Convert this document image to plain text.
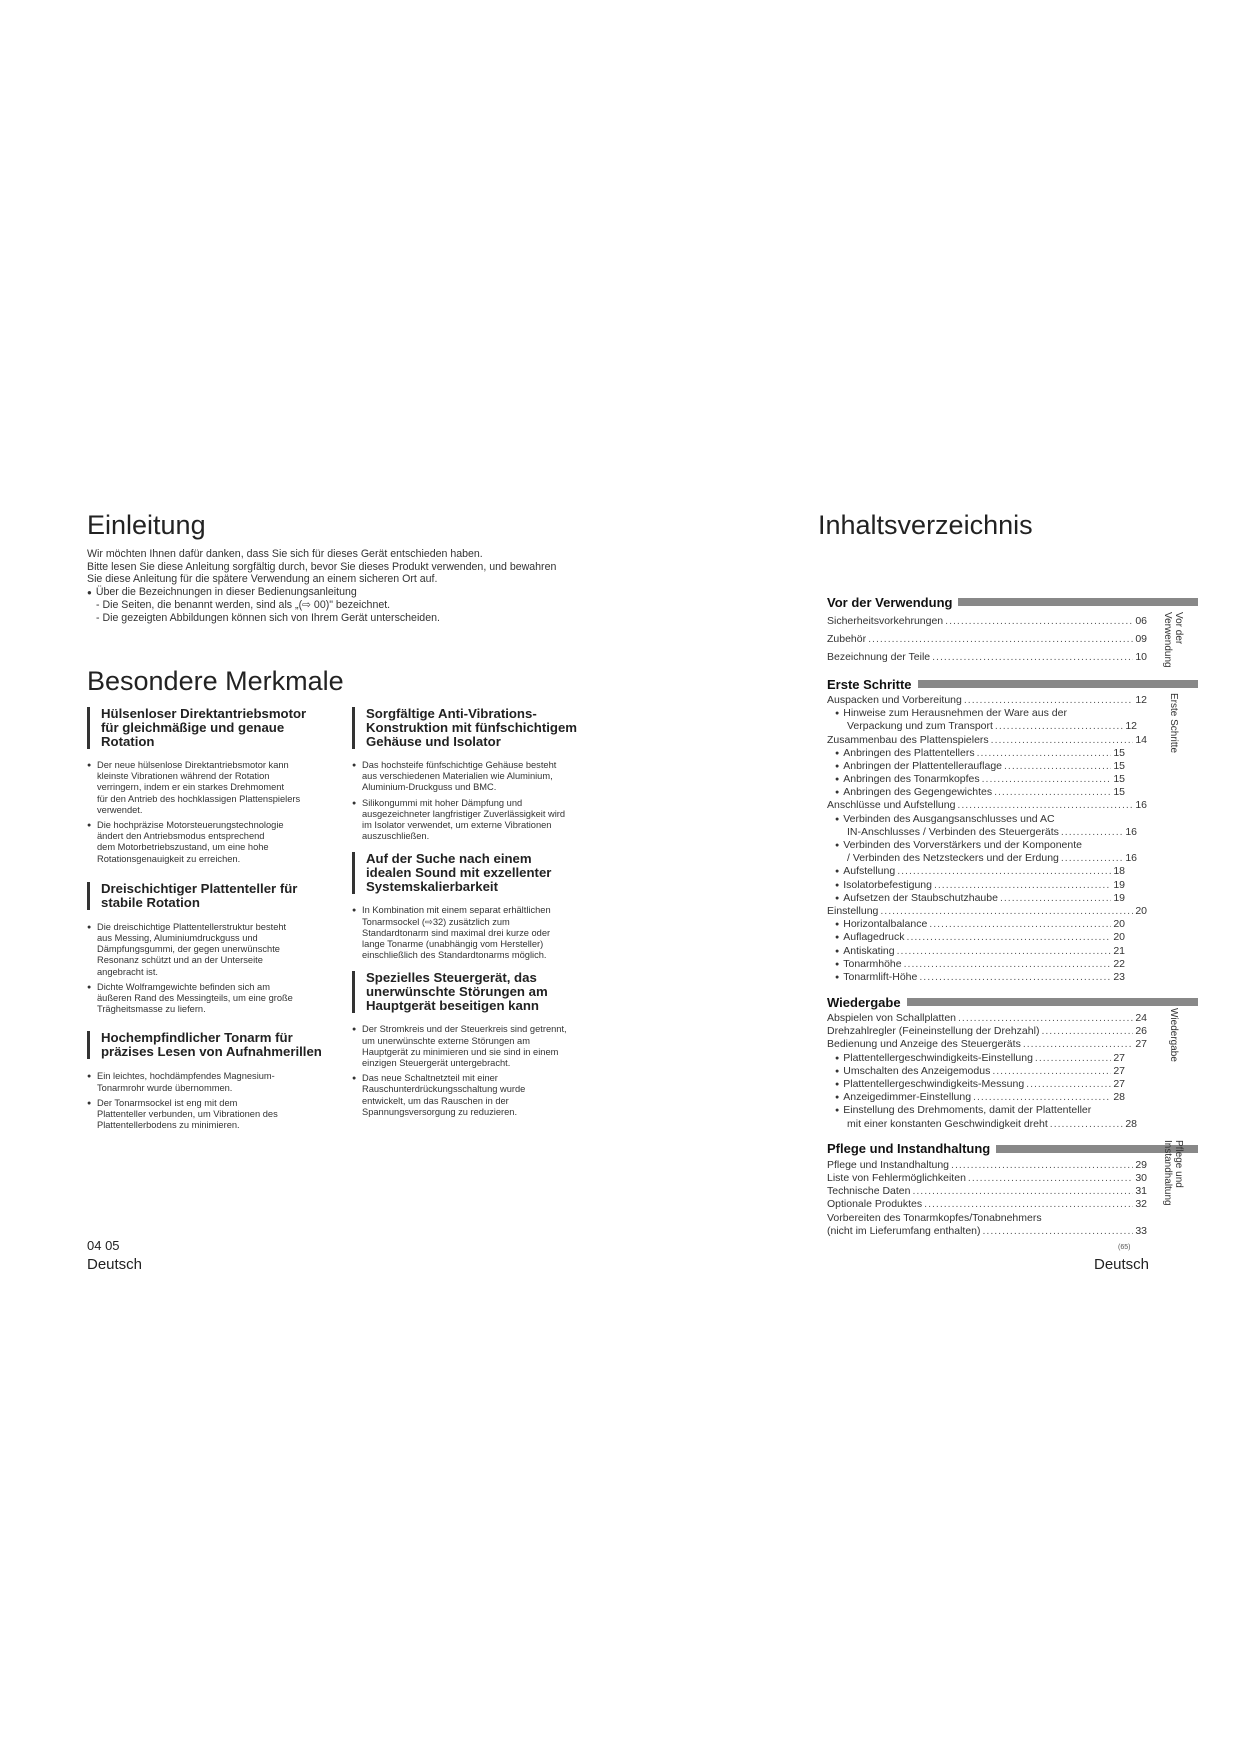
Einleitung
Wir möchten Ihnen dafür danken, dass Sie sich für dieses Gerät entschieden haben.
Bitte lesen Sie diese Anleitung sorgfältig durch, bevor Sie dieses Produkt verwenden, und bewahren
Sie diese Anleitung für die spätere Verwendung an einem sicheren Ort auf.
● Über die Bezeichnungen in dieser Bedienungsanleitung
- Die Seiten, die benannt werden, sind als „(⇨ 00)" bezeichnet.
- Die gezeigten Abbildungen können sich von Ihrem Gerät unterscheiden.
Besondere Merkmale
Hülsenloser Direktantriebsmotor
für gleichmäßige und genaue
Rotation
● Der neue hülsenlose Direktantriebsmotor kann
kleinste Vibrationen während der Rotation
verringern, indem er ein starkes Drehmoment
für den Antrieb des hochklassigen Plattenspielers
verwendet.
● Die hochpräzise Motorsteuerungstechnologie
ändert den Antriebsmodus entsprechend
dem Motorbetriebszustand, um eine hohe
Rotationsgenauigkeit zu erreichen.
Dreischichtiger Plattenteller für
stabile Rotation
● Die dreischichtige Plattentellerstruktur besteht
aus Messing, Aluminiumdruckguss und
Dämpfungsgummi, der gegen unerwünschte
Resonanz schützt und an der Unterseite
angebracht ist.
● Dichte Wolframgewichte befinden sich am
äußeren Rand des Messingteils, um eine große
Trägheitsmasse zu liefern.
Hochempfindlicher Tonarm für
präzises Lesen von Aufnahmerillen
● Ein leichtes, hochdämpfendes Magnesium-
Tonarmrohr wurde übernommen.
● Der Tonarmsockel ist eng mit dem
Plattenteller verbunden, um Vibrationen des
Plattentellerbodens zu minimieren.
Sorgfältige Anti-Vibrations-
Konstruktion mit fünfschichtigem
Gehäuse und Isolator
● Das hochsteife fünfschichtige Gehäuse besteht
aus verschiedenen Materialien wie Aluminium,
Aluminium-Druckguss und BMC.
● Silikongummi mit hoher Dämpfung und
ausgezeichneter langfristiger Zuverlässigkeit wird
im Isolator verwendet, um externe Vibrationen
auszuschließen.
Auf der Suche nach einem
idealen Sound mit exzellenter
Systemskalierbarkeit
● In Kombination mit einem separat erhältlichen
Tonarmsockel (⇨32) zusätzlich zum
Standardtonarm sind maximal drei kurze oder
lange Tonarme (unabhängig vom Hersteller)
einschließlich des Standardtonarms möglich.
Spezielles Steuergerät, das
unerwünschte Störungen am
Hauptgerät beseitigen kann
● Der Stromkreis und der Steuerkreis sind getrennt,
um unerwünschte externe Störungen am
Hauptgerät zu minimieren und sie sind in einem
einzigen Steuergerät untergebracht.
● Das neue Schaltnetzteil mit einer
Rauschunterdrückungsschaltung wurde
entwickelt, um das Rauschen in der
Spannungsversorgung zu reduzieren.
04 05
Deutsch
Inhaltsverzeichnis
Vor der Verwendung
Sicherheitsvorkehrungen .....	06
Zubehör .....	09
Bezeichnung der Teile .....	10
Erste Schritte
Auspacken und Vorbereitung .....	12
● Hinweise zum Herausnehmen der Ware aus der
Verpackung und zum Transport .....	12
Zusammenbau des Plattenspielers .....	14
● Anbringen des Plattentellers .....	15
● Anbringen der Plattentellerauflage .....	15
● Anbringen des Tonarmkopfes .....	15
● Anbringen des Gegengewichtes .....	15
Anschlüsse und Aufstellung .....	16
● Verbinden des Ausgangsanschlusses und AC
IN-Anschlusses / Verbinden des Steuergeräts .....	16
● Verbinden des Vorverstärkers und der Komponente
/ Verbinden des Netzsteckers und der Erdung .....	16
● Aufstellung .....	18
● Isolatorbefestigung .....	19
● Aufsetzen der Staubschutzhaube .....	19
Einstellung .....	20
● Horizontalbalance .....	20
● Auflagedruck .....	20
● Antiskating .....	21
● Tonarmhöhe .....	22
● Tonarmlift-Höhe .....	23
Wiedergabe
Abspielen von Schallplatten .....	24
Drehzahlregler (Feineinstellung der Drehzahl) .....	26
Bedienung und Anzeige des Steuergeräts .....	27
● Plattentellergeschwindigkeits-Einstellung .....	27
● Umschalten des Anzeigemodus .....	27
● Plattentellergeschwindigkeits-Messung .....	27
● Anzeigedimmer-Einstellung .....	28
● Einstellung des Drehmoments, damit der Plattenteller
mit einer konstanten Geschwindigkeit dreht .....	28
Pflege und Instandhaltung
Pflege und Instandhaltung .....	29
Liste von Fehlermöglichkeiten .....	30
Technische Daten .....	31
Optionale Produktes .....	32
Vorbereiten des Tonarmkopfes/Tonabnehmers
(nicht im Lieferumfang enthalten) .....	33
Vor der
Verwendung
Erste Schritte
Wiedergabe
Pflege und
Instandhaltung
(65)
Deutsch
